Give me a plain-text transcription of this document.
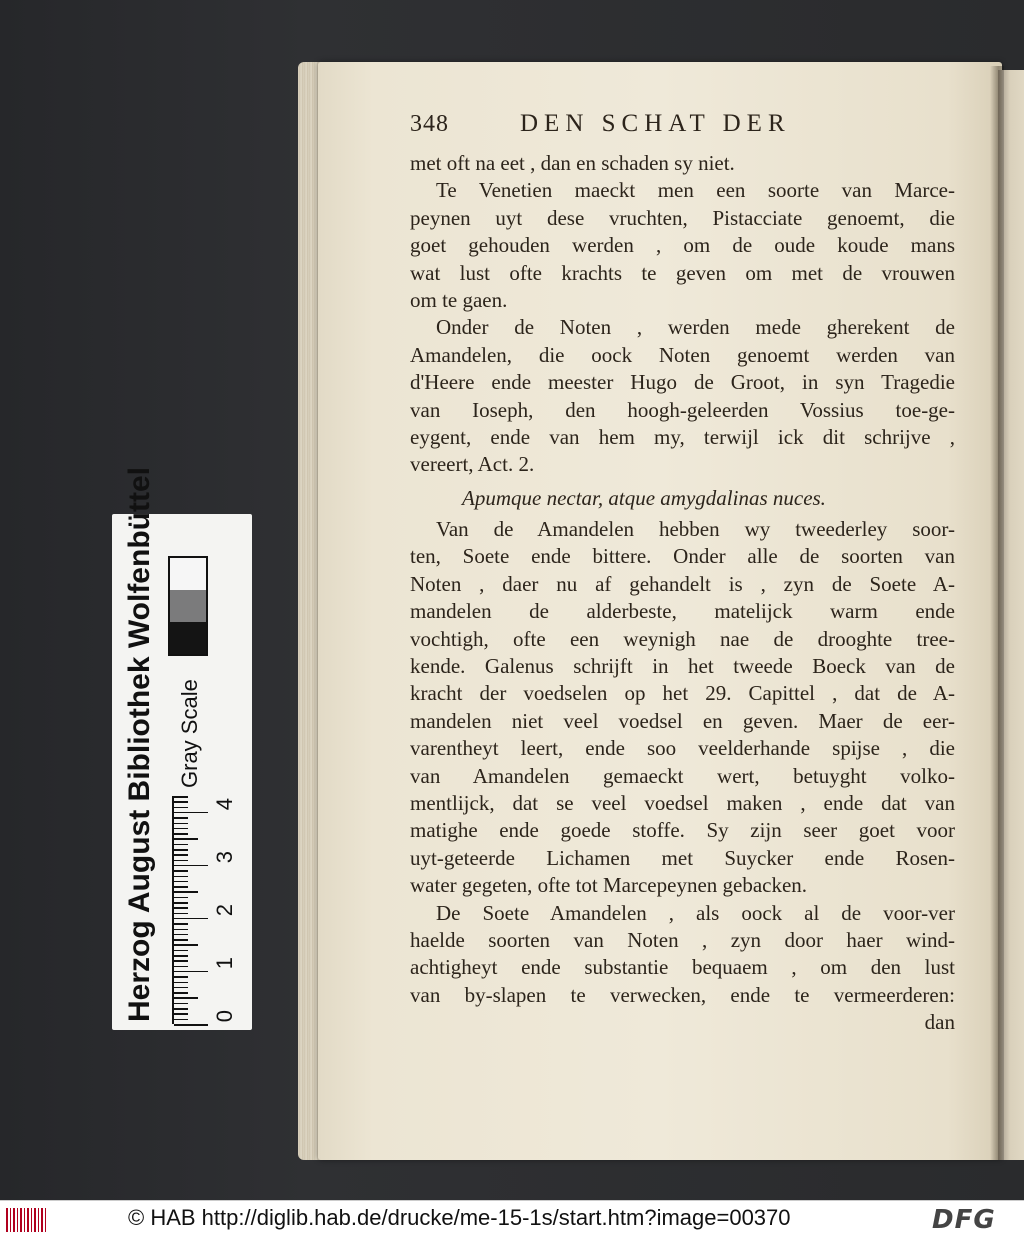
348	DEN SCHAT DER
met oft na eet , dan en schaden sy niet.
Te Venetien maeckt men een soorte van Marce-
peynen uyt dese vruchten, Pistacciate genoemt, die
goet gehouden werden , om de oude koude mans
wat lust ofte krachts te geven om met de vrouwen
om te gaen.
Onder de Noten , werden mede gherekent de
Amandelen, die oock Noten genoemt werden van
d'Heere ende meester Hugo de Groot, in syn Tragedie
van Ioseph, den hoogh-geleerden Vossius toe-ge-
eygent, ende van hem my, terwijl ick dit schrijve ,
vereert, Act. 2.
Apumque nectar, atque amygdalinas nuces.
Van de Amandelen hebben wy tweederley soor-
ten, Soete ende bittere. Onder alle de soorten van
Noten , daer nu af gehandelt is , zyn de Soete A-
mandelen de alderbeste, matelijck warm ende
vochtigh, ofte een weynigh nae de drooghte tree-
kende. Galenus schrijft in het tweede Boeck van de
kracht der voedselen op het 29. Capittel , dat de A-
mandelen niet veel voedsel en geven. Maer de eer-
varentheyt leert, ende soo veelderhande spijse , die
van Amandelen gemaeckt wert, betuyght volko-
mentlijck, dat se veel voedsel maken , ende dat van
matighe ende goede stoffe. Sy zijn seer goet voor
uyt-geteerde Lichamen met Suycker ende Rosen-
water gegeten, ofte tot Marcepeynen gebacken.
De Soete Amandelen , als oock al de voor-ver
haelde soorten van Noten , zyn door haer wind-
achtigheyt ende substantie bequaem , om den lust
van by-slapen te verwecken, ende te vermeerderen:
dan
Herzog August Bibliothek Wolfenbüttel Gray Scale
0
1
2
3
4
© HAB http://diglib.hab.de/drucke/me-15-1s/start.htm?image=00370	DFG
